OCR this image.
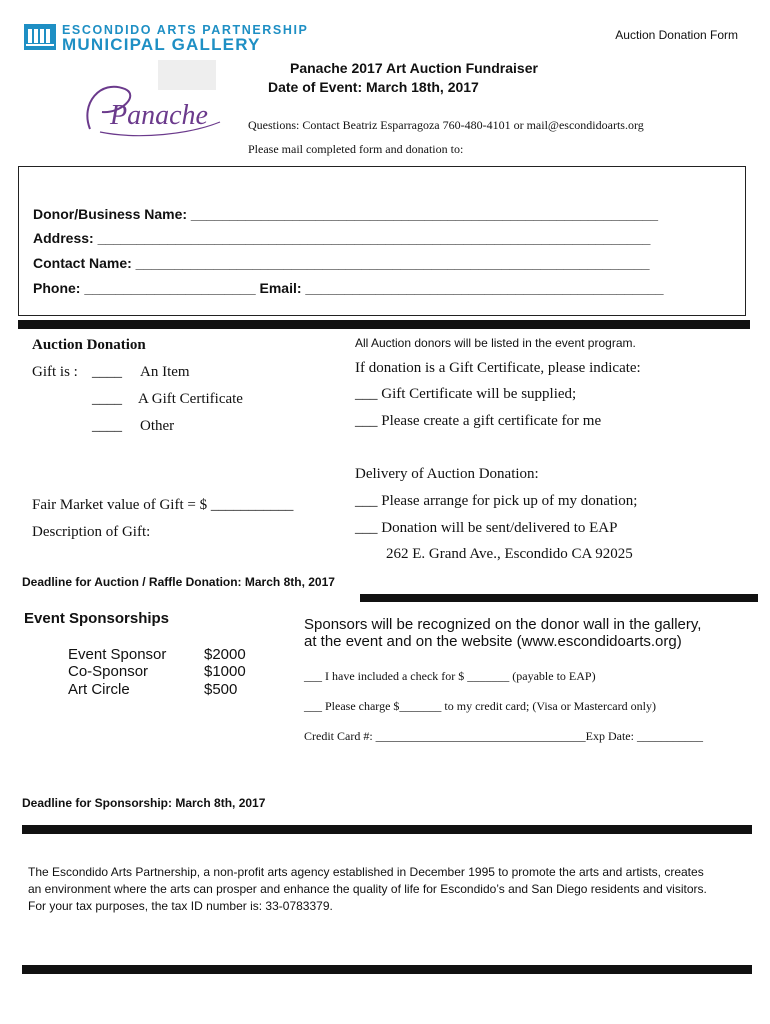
ESCONDIDO ARTS PARTNERSHIP
MUNICIPAL GALLERY	Auction Donation Form
Panache
Panache 2017 Art Auction Fundraiser
Date of Event: March 18th, 2017
Questions: Contact Beatriz Esparragoza 760-480-4101 or mail@escondidoarts.org
Please mail completed form and donation to:
Donor/Business Name: ____________________________________________________________
Address: _______________________________________________________________________
Contact Name: __________________________________________________________________
Phone: ______________________ Email: ______________________________________________
Auction Donation	All Auction donors will be listed in the event program.
Gift is : ____ An Item
____ A Gift Certificate
____ Other
If donation is a Gift Certificate, please indicate:
___ Gift Certificate will be supplied;
___ Please create a gift certificate for me
Delivery of Auction Donation:
___ Please arrange for pick up of my donation;
___ Donation will be sent/delivered to EAP
262 E. Grand Ave., Escondido CA 92025
Fair Market value of Gift = $ ___________
Description of Gift:
Deadline for Auction / Raffle Donation: March 8th, 2017
Event Sponsorships
Event Sponsor	$2000
Co-Sponsor	$1000
Art Circle	$500
Sponsors will be recognized on the donor wall in the gallery,
at the event and on the website (www.escondidoarts.org)
___ I have included a check for $ _______ (payable to EAP)
___ Please charge $_______ to my credit card; (Visa or Mastercard only)
Credit Card #: ___________________________________Exp Date: ___________
Deadline for Sponsorship: March 8th, 2017
The Escondido Arts Partnership, a non-profit arts agency established in December 1995 to promote the arts and artists, creates
an environment where the arts can prosper and enhance the quality of life for Escondido’s and San Diego residents and visitors.
For your tax purposes, the tax ID number is: 33-0783379.
